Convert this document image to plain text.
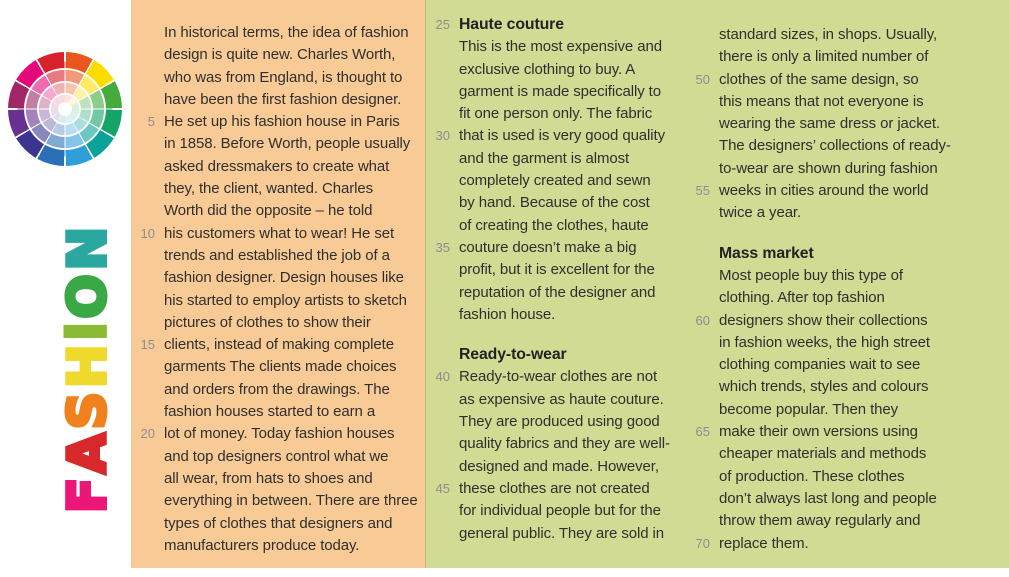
F
A
S
H
i
O
N
In historical terms, the idea of fashion
design is quite new. Charles Worth,
who was from England, is thought to
have been the first fashion designer.
5 He set up his fashion house in Paris
in 1858. Before Worth, people usually
asked dressmakers to create what
they, the client, wanted. Charles
Worth did the opposite – he told
10 his customers what to wear! He set
trends and established the job of a
fashion designer. Design houses like
his started to employ artists to sketch
pictures of clothes to show their
15 clients, instead of making complete
garments The clients made choices
and orders from the drawings. The
fashion houses started to earn a
20 lot of money. Today fashion houses
and top designers control what we
all wear, from hats to shoes and
everything in between. There are three
types of clothes that designers and
manufacturers produce today.
25 Haute couture
This is the most expensive and
exclusive clothing to buy. A
garment is made specifically to
fit one person only. The fabric
30 that is used is very good quality
and the garment is almost
completely created and sewn
by hand. Because of the cost
of creating the clothes, haute
35 couture doesn’t make a big
profit, but it is excellent for the
reputation of the designer and
fashion house.
Ready-to-wear
40 Ready-to-wear clothes are not
as expensive as haute couture.
They are produced using good
quality fabrics and they are well-
designed and made. However,
45 these clothes are not created
for individual people but for the
general public. They are sold in
standard sizes, in shops. Usually,
there is only a limited number of
50 clothes of the same design, so
this means that not everyone is
wearing the same dress or jacket.
The designers’ collections of ready-
to-wear are shown during fashion
55 weeks in cities around the world
twice a year.
Mass market
Most people buy this type of
clothing. After top fashion
60 designers show their collections
in fashion weeks, the high street
clothing companies wait to see
which trends, styles and colours
become popular. Then they
65 make their own versions using
cheaper materials and methods
of production. These clothes
don’t always last long and people
throw them away regularly and
70 replace them.
